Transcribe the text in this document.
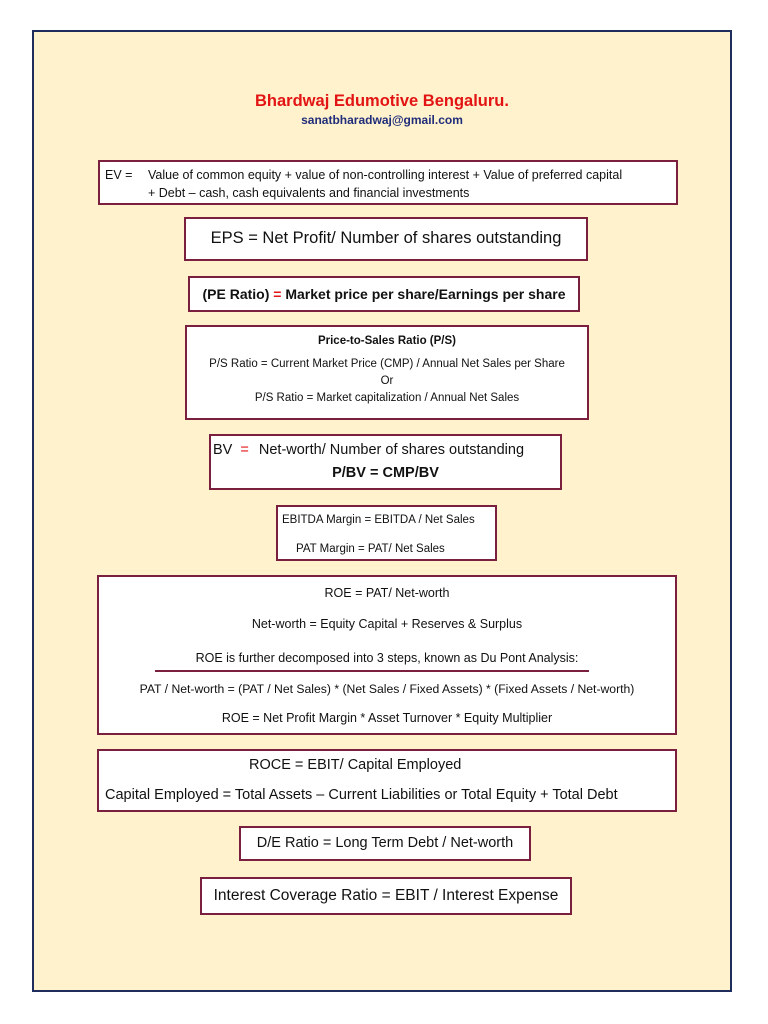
Bhardwaj Edumotive Bengaluru.
sanatbharadwaj@gmail.com
EV = Value of common equity + value of non-controlling interest + Value of preferred capital
+ Debt – cash, cash equivalents and financial investments
EPS = Net Profit/ Number of shares outstanding
(PE Ratio) = Market price per share/Earnings per share
Price-to-Sales Ratio (P/S)
P/S Ratio = Current Market Price (CMP) / Annual Net Sales per Share
Or
P/S Ratio = Market capitalization / Annual Net Sales
BV = Net-worth/ Number of shares outstanding
P/BV = CMP/BV
EBITDA Margin = EBITDA / Net Sales
PAT Margin = PAT/ Net Sales
ROE = PAT/ Net-worth
Net-worth = Equity Capital + Reserves & Surplus
ROE is further decomposed into 3 steps, known as Du Pont Analysis:
PAT / Net-worth = (PAT / Net Sales) * (Net Sales / Fixed Assets) * (Fixed Assets / Net-worth)
ROE = Net Profit Margin * Asset Turnover * Equity Multiplier
ROCE = EBIT/ Capital Employed
Capital Employed = Total Assets – Current Liabilities or Total Equity + Total Debt
D/E Ratio = Long Term Debt / Net-worth
Interest Coverage Ratio = EBIT / Interest Expense
